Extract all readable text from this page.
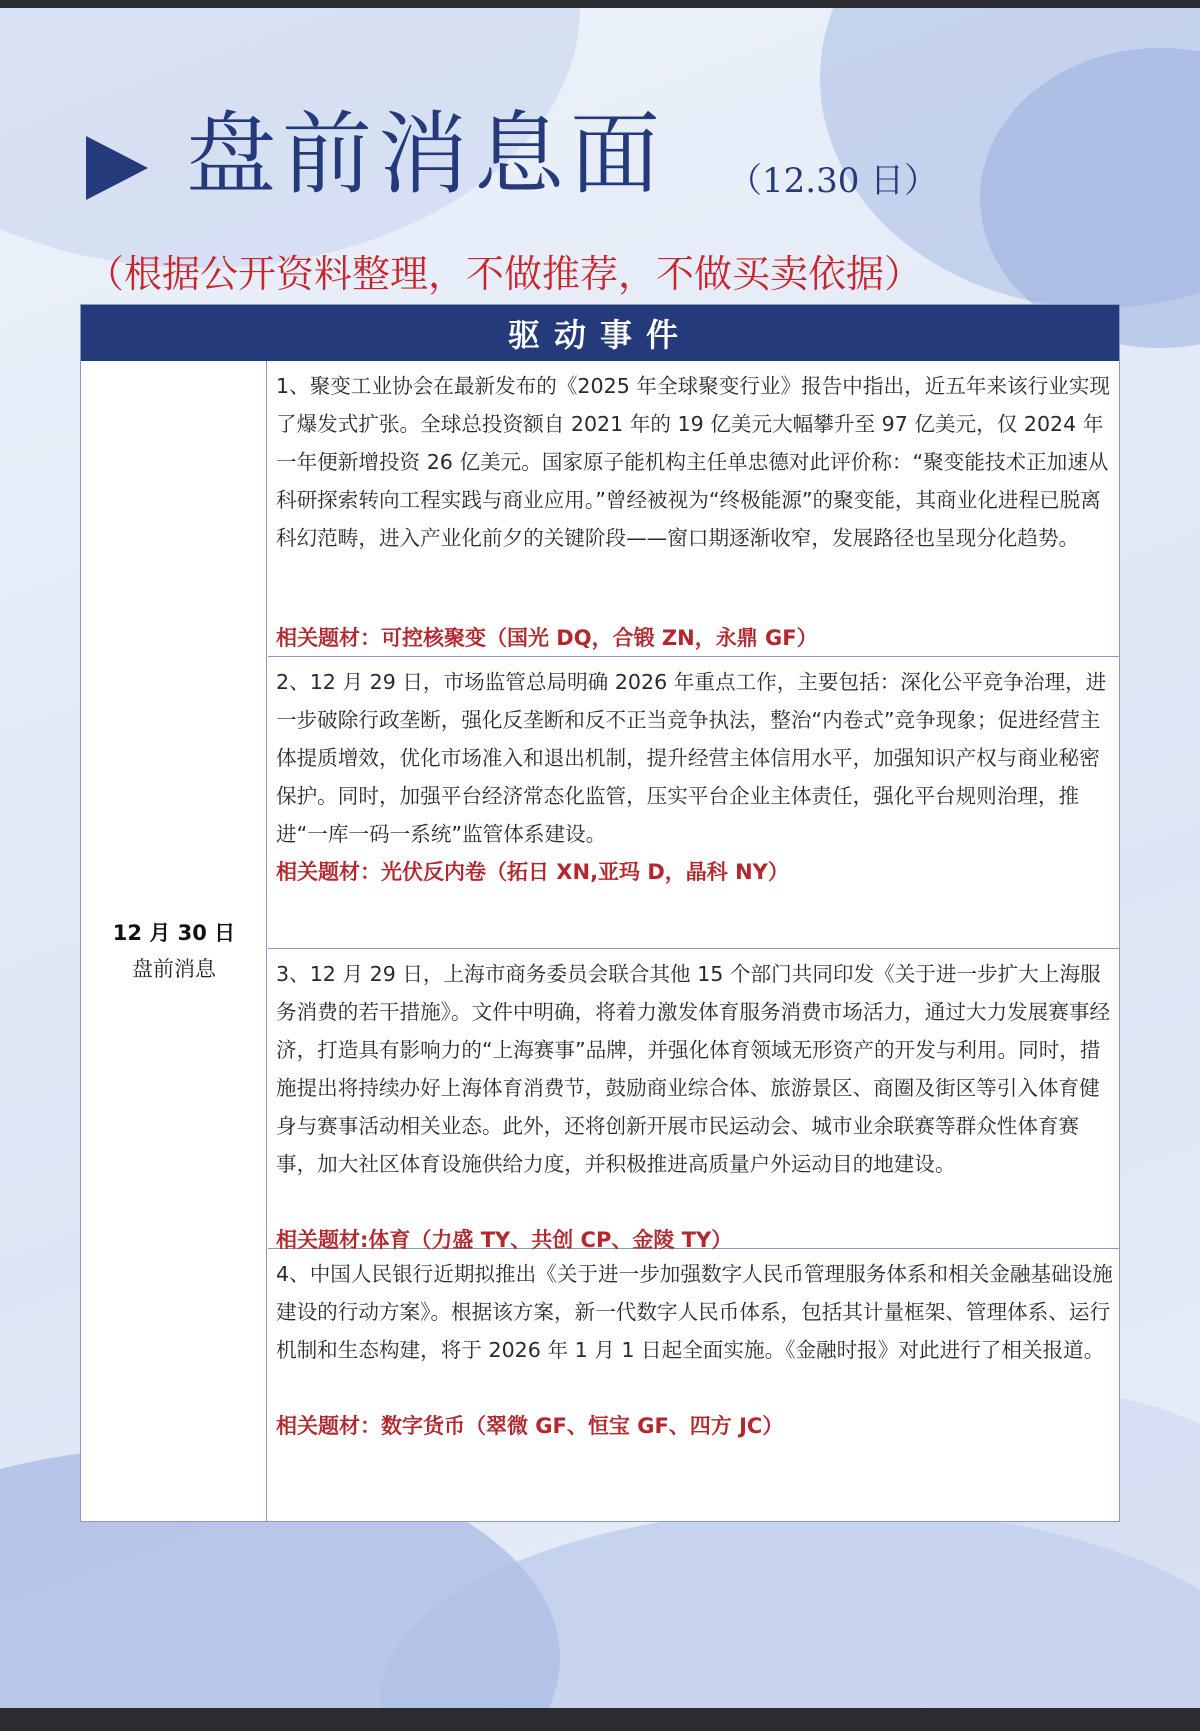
盘前消息面 （12.30 日）
（根据公开资料整理，不做推荐，不做买卖依据）
驱动事件
12 月 30 日
盘前消息
1、聚变工业协会在最新发布的《2025 年全球聚变行业》报告中指出，近五年来该行业实现了爆发式扩张。全球总投资额自 2021 年的 19 亿美元大幅攀升至 97 亿美元，仅 2024 年一年便新增投资 26 亿美元。国家原子能机构主任单忠德对此评价称：“聚变能技术正加速从科研探索转向工程实践与商业应用。”曾经被视为“终极能源”的聚变能，其商业化进程已脱离科幻范畴，进入产业化前夕的关键阶段——窗口期逐渐收窄，发展路径也呈现分化趋势。
相关题材：可控核聚变（国光 DQ，合锻 ZN，永鼎 GF）
2、12 月 29 日，市场监管总局明确 2026 年重点工作，主要包括：深化公平竞争治理，进一步破除行政垄断，强化反垄断和反不正当竞争执法，整治“内卷式”竞争现象；促进经营主体提质增效，优化市场准入和退出机制，提升经营主体信用水平，加强知识产权与商业秘密保护。同时，加强平台经济常态化监管，压实平台企业主体责任，强化平台规则治理，推进“一库一码一系统”监管体系建设。
相关题材：光伏反内卷（拓日 XN,亚玛 D，晶科 NY）
3、12 月 29 日，上海市商务委员会联合其他 15 个部门共同印发《关于进一步扩大上海服务消费的若干措施》。文件中明确，将着力激发体育服务消费市场活力，通过大力发展赛事经济，打造具有影响力的“上海赛事”品牌，并强化体育领域无形资产的开发与利用。同时，措施提出将持续办好上海体育消费节，鼓励商业综合体、旅游景区、商圈及街区等引入体育健身与赛事活动相关业态。此外，还将创新开展市民运动会、城市业余联赛等群众性体育赛事，加大社区体育设施供给力度，并积极推进高质量户外运动目的地建设。
相关题材:体育（力盛 TY、共创 CP、金陵 TY）
4、中国人民银行近期拟推出《关于进一步加强数字人民币管理服务体系和相关金融基础设施建设的行动方案》。根据该方案，新一代数字人民币体系，包括其计量框架、管理体系、运行机制和生态构建，将于 2026 年 1 月 1 日起全面实施。《金融时报》对此进行了相关报道。
相关题材：数字货币（翠微 GF、恒宝 GF、四方 JC）
